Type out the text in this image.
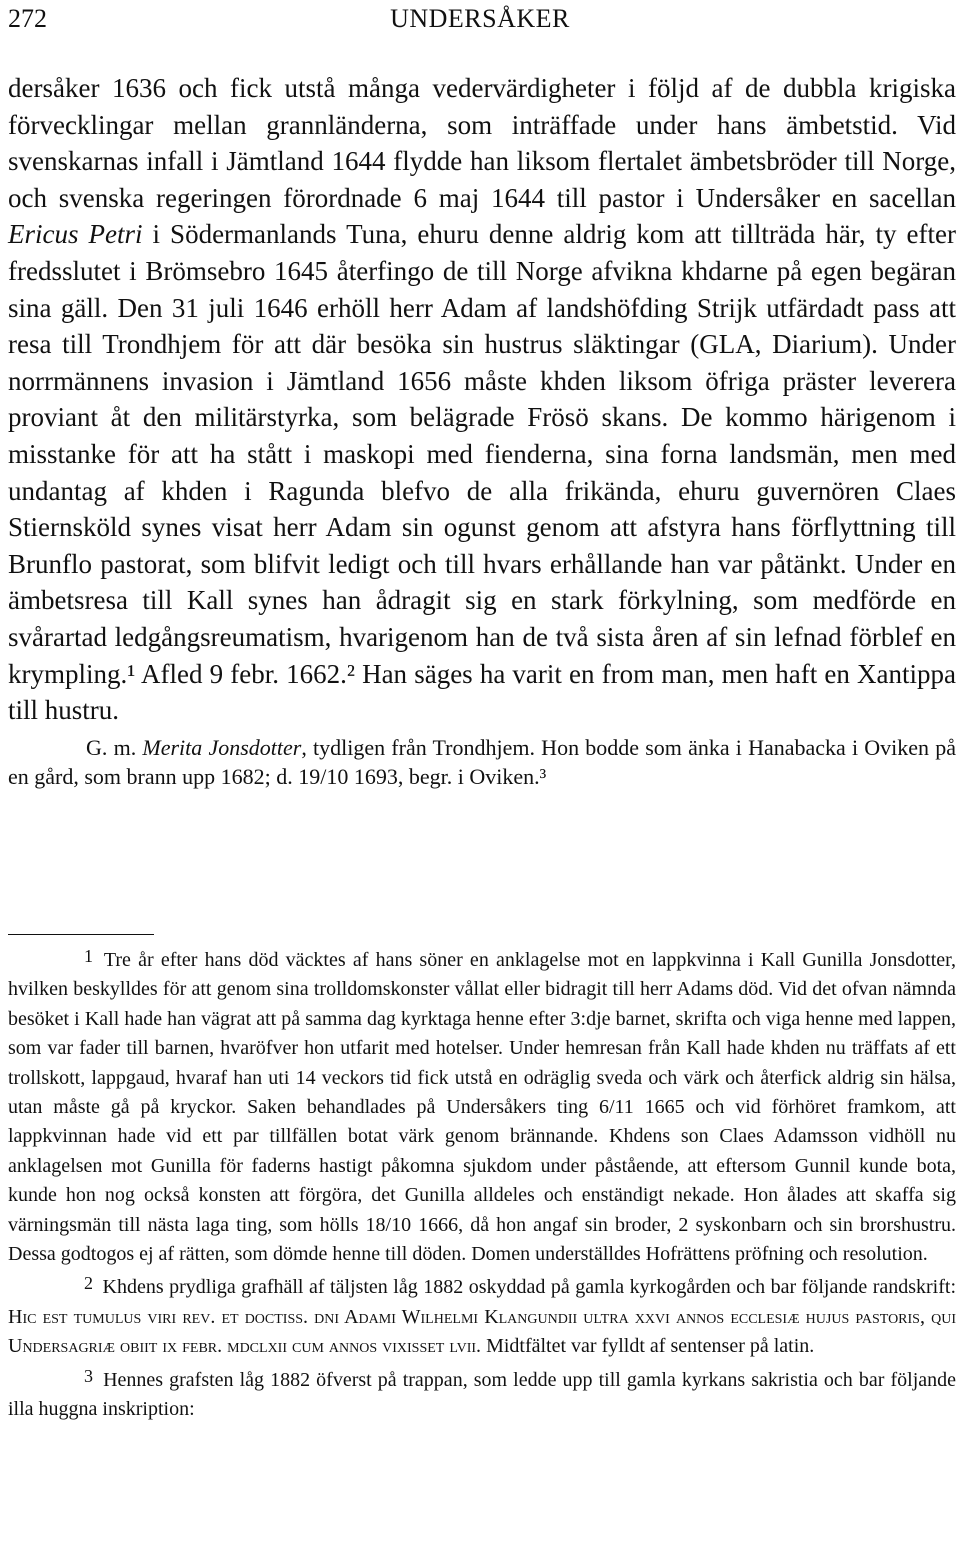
272	UNDERSÅKER

dersåker 1636 och fick utstå många vedervärdigheter i följd af de dubbla krigiska förvecklingar mellan grannländerna, som inträffade under hans ämbetstid. Vid svenskarnas infall i Jämtland 1644 flydde han liksom flertalet ämbetsbröder till Norge, och svenska regeringen förordnade 6 maj 1644 till pastor i Undersåker en sacellan Ericus Petri i Södermanlands Tuna, ehuru denne aldrig kom att tillträda här, ty efter fredsslutet i Brömsebro 1645 återfingo de till Norge afvikna khdarne på egen begäran sina gäll. Den 31 juli 1646 erhöll herr Adam af landshöfding Strijk utfärdadt pass att resa till Trondhjem för att där besöka sin hustrus släktingar (GLA, Diarium). Under norrmännens invasion i Jämtland 1656 måste khden liksom öfriga präster leverera proviant åt den militärstyrka, som belägrade Frösö skans. De kommo härigenom i misstanke för att ha stått i maskopi med fienderna, sina forna landsmän, men med undantag af khden i Ragunda blefvo de alla frikända, ehuru guvernören Claes Stiernsköld synes visat herr Adam sin ogunst genom att afstyra hans förflyttning till Brunflo pastorat, som blifvit ledigt och till hvars erhållande han var påtänkt. Under en ämbetsresa till Kall synes han ådragit sig en stark förkylning, som medförde en svårartad ledgångsreumatism, hvarigenom han de två sista åren af sin lefnad förblef en krympling.¹ Afled 9 febr. 1662.² Han säges ha varit en from man, men haft en Xantippa till hustru.

G. m. Merita Jonsdotter, tydligen från Trondhjem. Hon bodde som änka i Hanabacka i Oviken på en gård, som brann upp 1682; d. 19/10 1693, begr. i Oviken.³

1 Tre år efter hans död väcktes af hans söner en anklagelse mot en lappkvinna i Kall Gunilla Jonsdotter, hvilken beskylldes för att genom sina trolldomskonster vållat eller bidragit till herr Adams död. Vid det ofvan nämnda besöket i Kall hade han vägrat att på samma dag kyrktaga henne efter 3:dje barnet, skrifta och viga henne med lappen, som var fader till barnen, hvaröfver hon utfarit med hotelser. Under hemresan från Kall hade khden nu träffats af ett trollskott, lappgaud, hvaraf han uti 14 veckors tid fick utstå en odräglig sveda och värk och återfick aldrig sin hälsa, utan måste gå på kryckor. Saken behandlades på Undersåkers ting 6/11 1665 och vid förhöret framkom, att lappkvinnan hade vid ett par tillfällen botat värk genom brännande. Khdens son Claes Adamsson vidhöll nu anklagelsen mot Gunilla för faderns hastigt påkomna sjukdom under påstående, att eftersom Gunnil kunde bota, kunde hon nog också konsten att förgöra, det Gunilla alldeles och enständigt nekade. Hon ålades att skaffa sig värningsmän till nästa laga ting, som hölls 18/10 1666, då hon angaf sin broder, 2 syskonbarn och sin brorshustru. Dessa godtogos ej af rätten, som dömde henne till döden. Domen underställdes Hofrättens pröfning och resolution.

2 Khdens prydliga grafhäll af täljsten låg 1882 oskyddad på gamla kyrkogården och bar följande randskrift: Hic est tumulus viri rev. et doctiss. dni Adami Wilhelmi Klangundii ultra xxvi annos ecclesiæ hujus pastoris, qui Undersagriæ obiit ix febr. mdclxii cum annos vixisset lvii. Midtfältet var fylldt af sentenser på latin.

3 Hennes grafsten låg 1882 öfverst på trappan, som ledde upp till gamla kyrkans sakristia och bar följande illa huggna inskription:
